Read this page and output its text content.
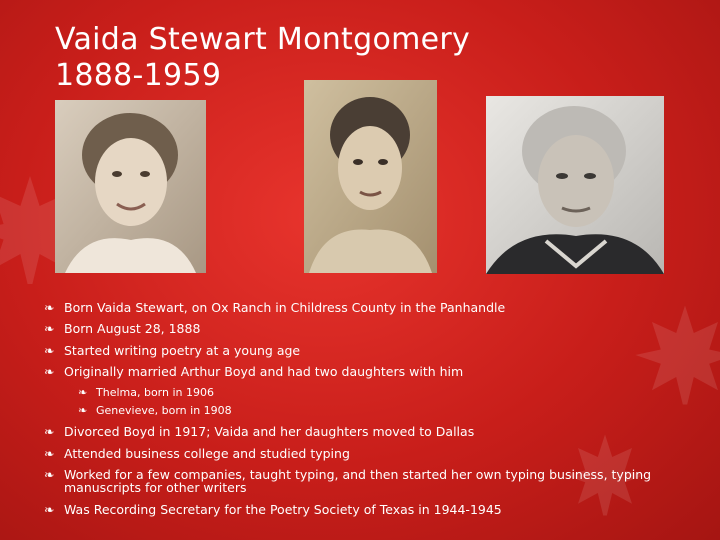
Vaida Stewart Montgomery
1888-1959
❧ Born Vaida Stewart, on Ox Ranch in Childress County in the Panhandle
❧ Born August 28, 1888
❧ Started writing poetry at a young age
❧ Originally married Arthur Boyd and had two daughters with him
❧ Thelma, born in 1906
❧ Genevieve, born in 1908
❧ Divorced Boyd in 1917; Vaida and her daughters moved to Dallas
❧ Attended business college and studied typing
❧ Worked for a few companies, taught typing, and then started her own typing business, typing
manuscripts for other writers
❧ Was Recording Secretary for the Poetry Society of Texas in 1944-1945
